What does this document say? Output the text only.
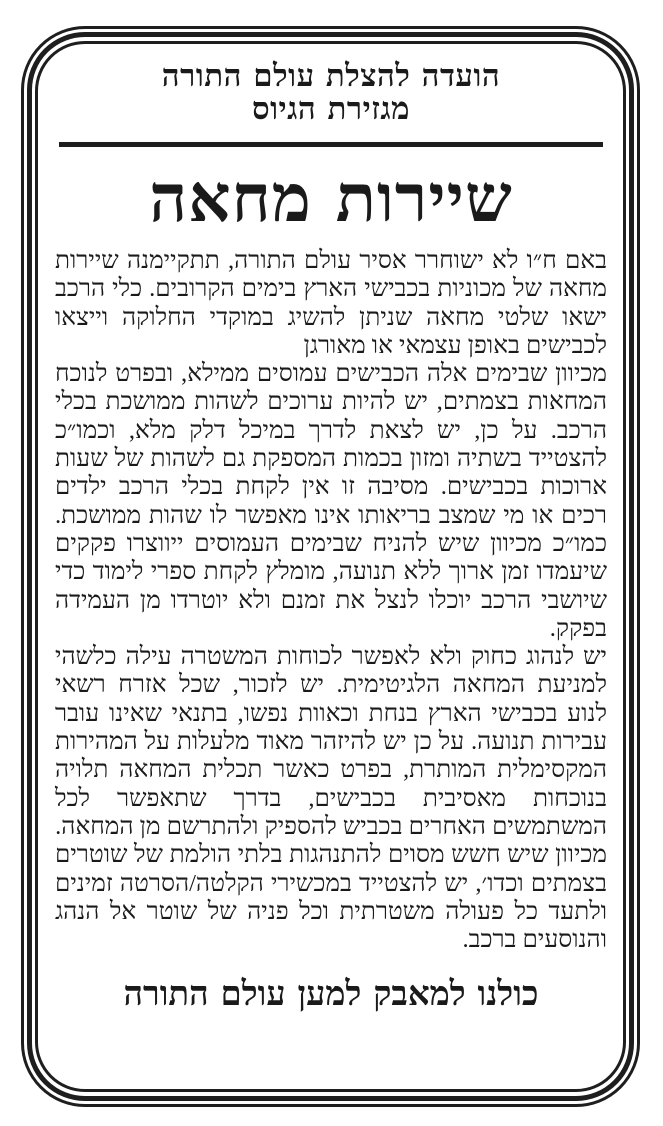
הועדה להצלת עולם התורה
מגזירת הגיוס
שיירות מחאה

באם ח״ו לא ישוחרר אסיר עולם התורה, תתקיימנה שיירות מחאה של מכוניות בכבישי הארץ בימים הקרובים. כלי הרכב ישאו שלטי מחאה שניתן להשיג במוקדי החלוקה וייצאו לכבישים באופן עצמאי או מאורגן

מכיוון שבימים אלה הכבישים עמוסים ממילא, ובפרט לנוכח המחאות בצמתים, יש להיות ערוכים לשהות ממושכת בכלי הרכב. על כן, יש לצאת לדרך במיכל דלק מלא, וכמו״כ להצטייד בשתיה ומזון בכמות המספקת גם לשהות של שעות ארוכות בכבישים. מסיבה זו אין לקחת בכלי הרכב ילדים רכים או מי שמצב בריאותו אינו מאפשר לו שהות ממושכת. כמו״כ מכיוון שיש להניח שבימים העמוסים ייווצרו פקקים שיעמדו זמן ארוך ללא תנועה, מומלץ לקחת ספרי לימוד כדי שיושבי הרכב יוכלו לנצל את זמנם ולא יוטרדו מן העמידה בפקק.

יש לנהוג כחוק ולא לאפשר לכוחות המשטרה עילה כלשהי למניעת המחאה הלגיטימית. יש לזכור, שכל אזרח רשאי לנוע בכבישי הארץ בנחת וכאוות נפשו, בתנאי שאינו עובר עבירות תנועה. על כן יש להיזהר מאוד מלעלות על המהירות המקסימלית המותרת, בפרט כאשר תכלית המחאה תלויה בנוכחות מאסיבית בכבישים, בדרך שתאפשר לכל המשתמשים האחרים בכביש להספיק ולהתרשם מן המחאה.

מכיוון שיש חשש מסוים להתנהגות בלתי הולמת של שוטרים בצמתים וכדו׳, יש להצטייד במכשירי הקלטה/הסרטה זמינים ולתעד כל פעולה משטרתית וכל פניה של שוטר אל הנהג והנוסעים ברכב.

כולנו למאבק למען עולם התורה
